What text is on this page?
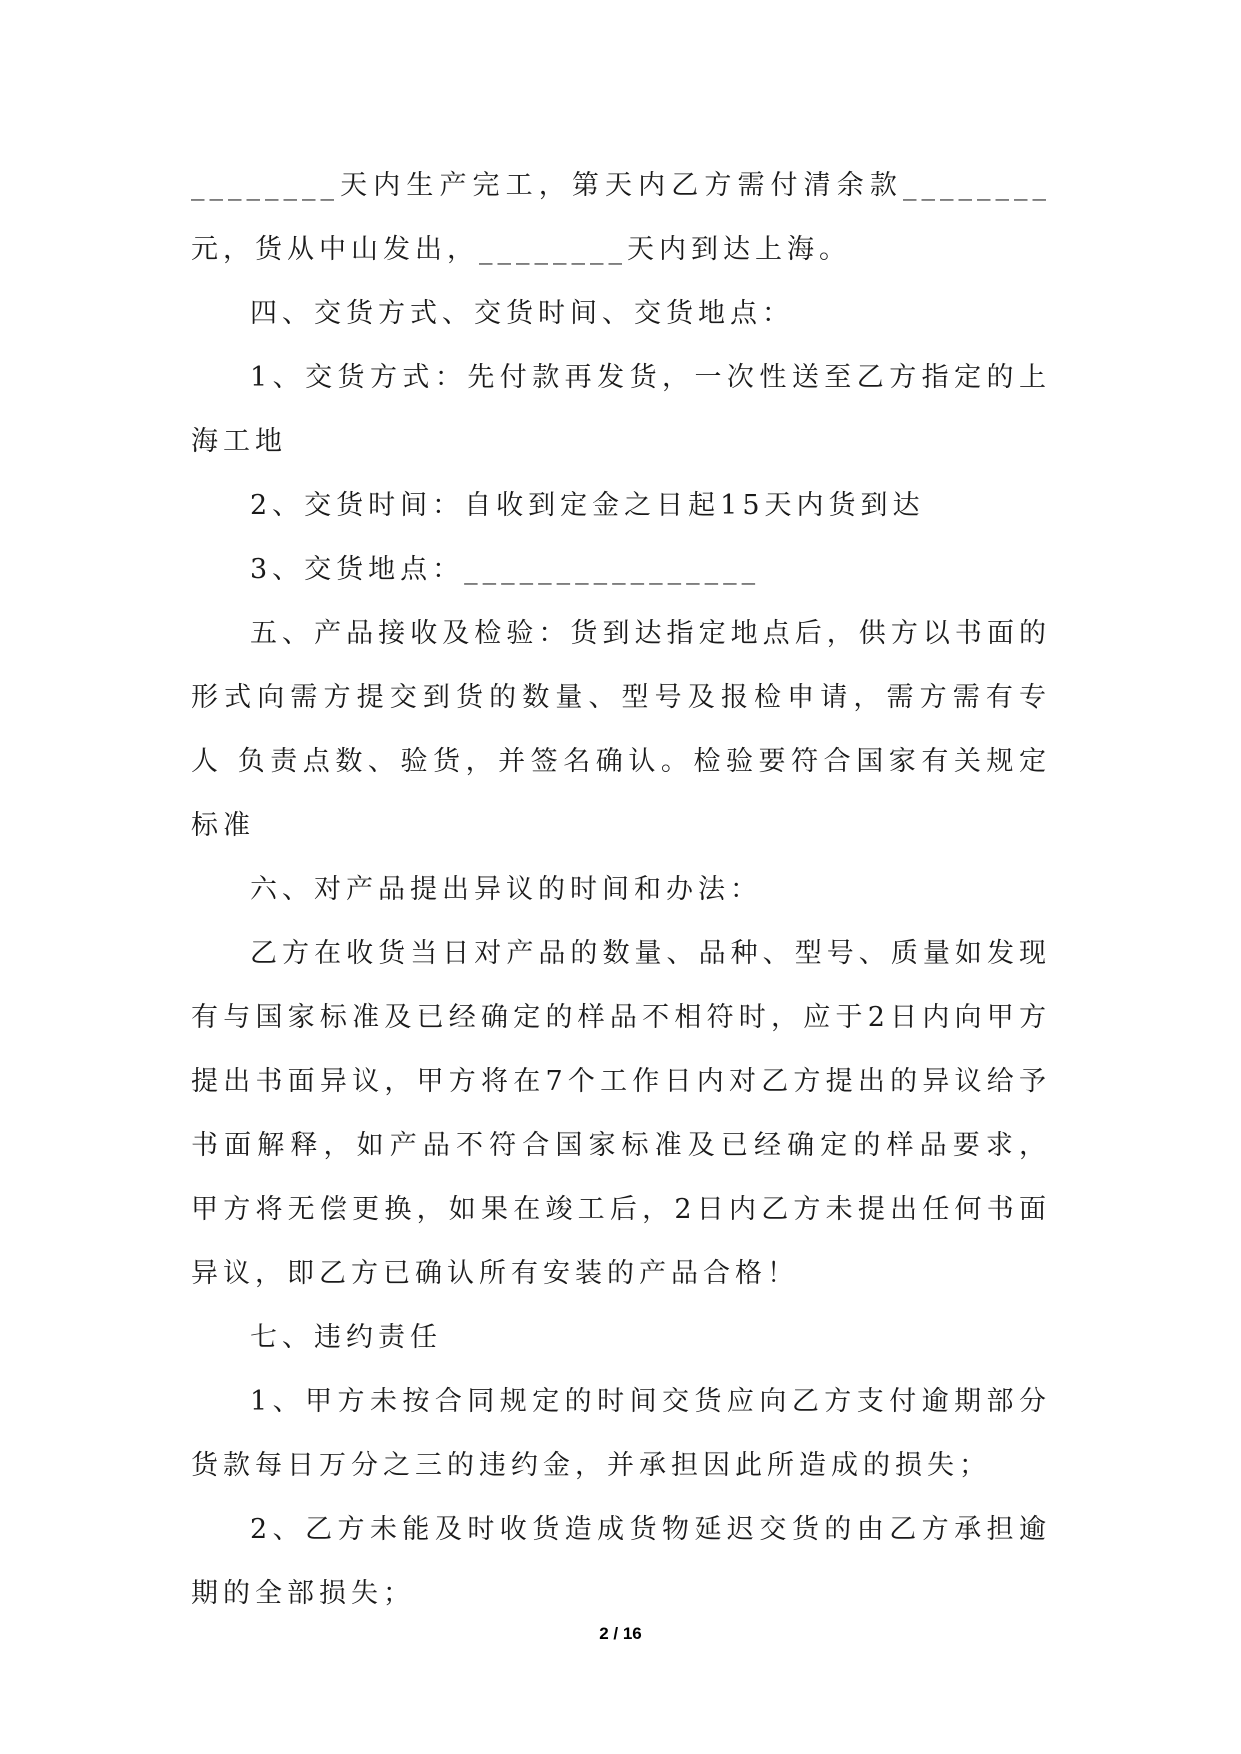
________天内生产完工，第天内乙方需付清余款________元，货从中山发出，________天内到达上海。

四、交货方式、交货时间、交货地点：

1、交货方式：先付款再发货，一次性送至乙方指定的上海工地

2、交货时间：自收到定金之日起15天内货到达

3、交货地点：________________

五、产品接收及检验：货到达指定地点后，供方以书面的形式向需方提交到货的数量、型号及报检申请，需方需有专人 负责点数、验货，并签名确认。检验要符合国家有关规定标准

六、对产品提出异议的时间和办法：

乙方在收货当日对产品的数量、品种、型号、质量如发现有与国家标准及已经确定的样品不相符时，应于2日内向甲方提出书面异议，甲方将在7个工作日内对乙方提出的异议给予书面解释，如产品不符合国家标准及已经确定的样品要求，甲方将无偿更换，如果在竣工后，2日内乙方未提出任何书面异议，即乙方已确认所有安装的产品合格！

七、违约责任

1、甲方未按合同规定的时间交货应向乙方支付逾期部分货款每日万分之三的违约金，并承担因此所造成的损失；

2、乙方未能及时收货造成货物延迟交货的由乙方承担逾期的全部损失；

2 / 16
